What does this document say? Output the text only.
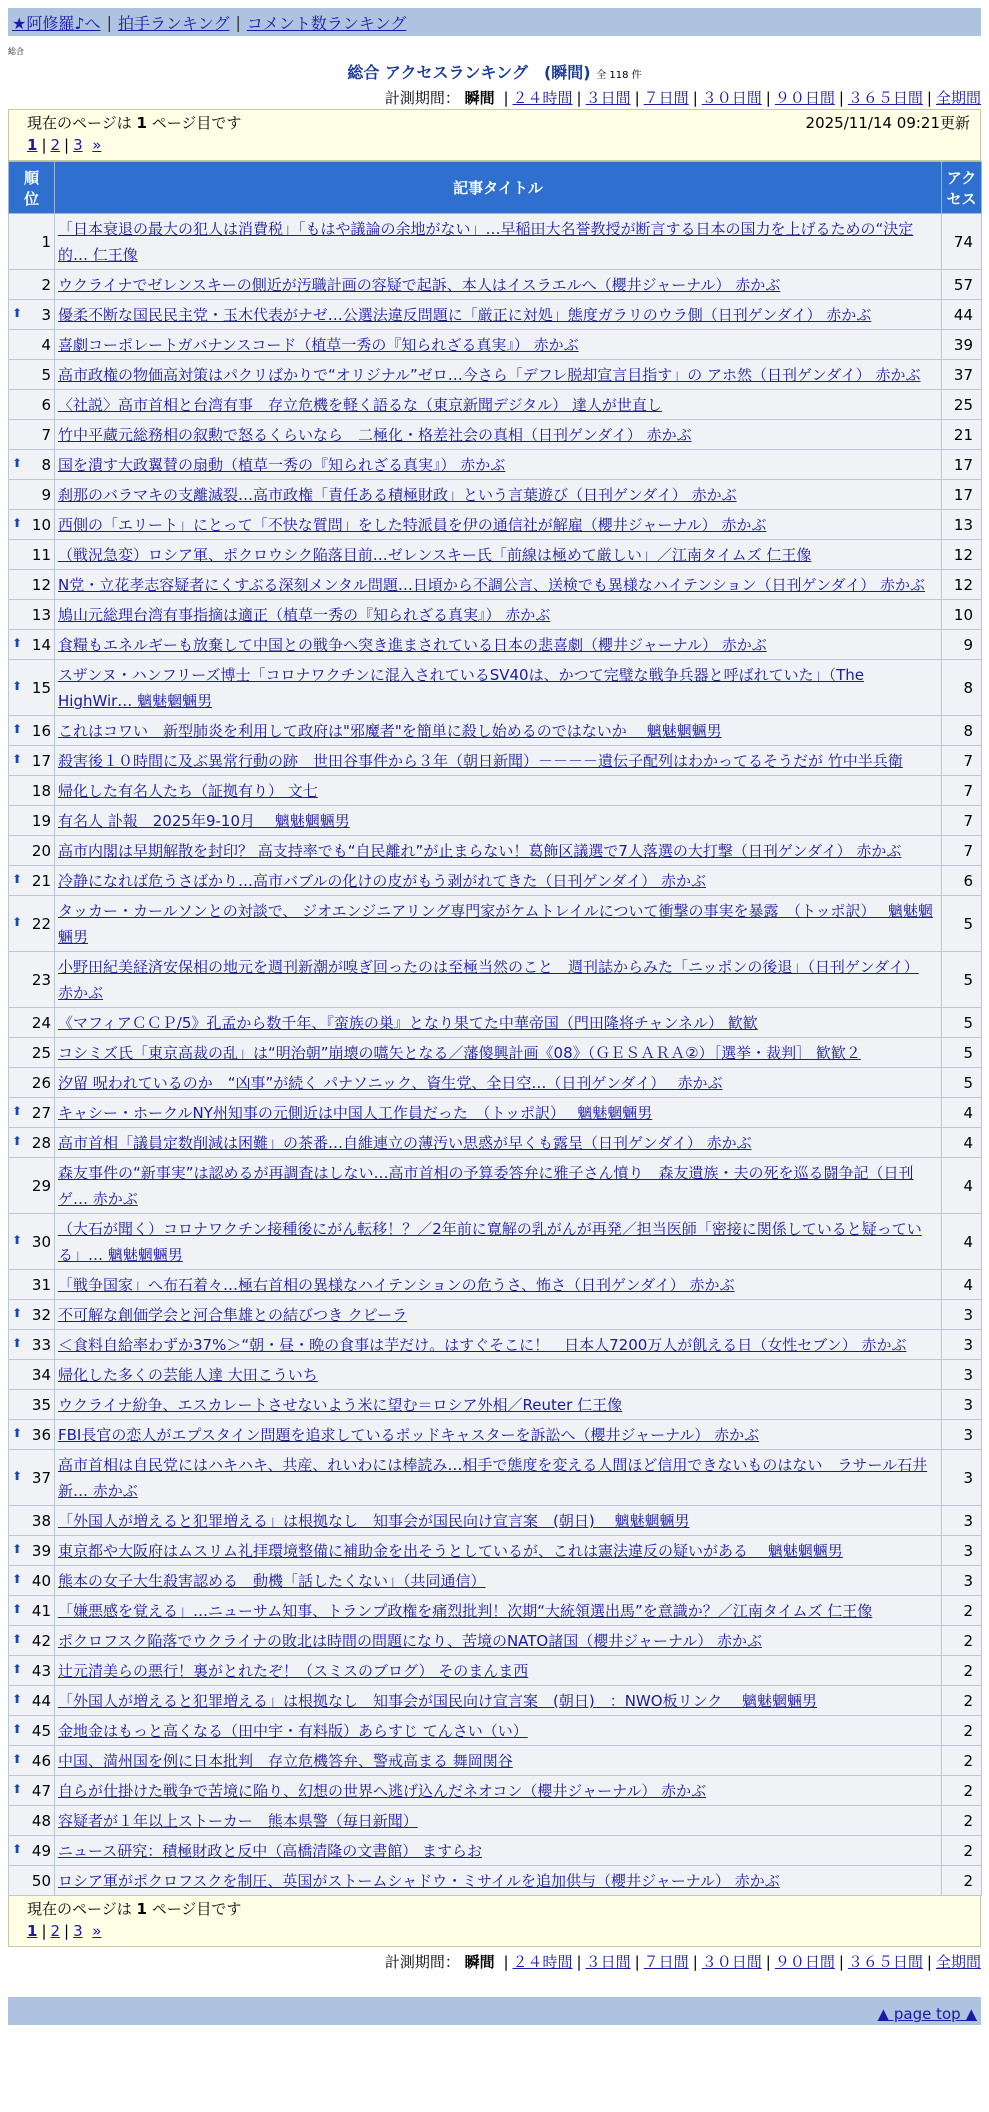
★阿修羅♪へ | 拍手ランキング | コメント数ランキング
総合
総合 アクセスランキング　(瞬間) 全 118 件
計測期間： 瞬間 | ２４時間 | ３日間 | ７日間 | ３０日間 | ９０日間 | ３６５日間 | 全期間
現在のページは 1 ページ目です	2025/11/14 09:21更新
1 | 2 | 3 »
順位	記事タイトル	アクセス
1	「日本衰退の最大の犯人は消費税」「もはや議論の余地がない」…早稲田大名誉教授が断言する日本の国力を上げるための“決定的… 仁王像	74
2	ウクライナでゼレンスキーの側近が汚職計画の容疑で起訴、本人はイスラエルへ（櫻井ジャーナル） 赤かぶ	57

⬆ 3	優柔不断な国民民主党・玉木代表がナゼ…公選法違反問題に「厳正に対処」態度ガラリのウラ側（日刊ゲンダイ） 赤かぶ	44
4	喜劇コーポレートガバナンスコード（植草一秀の『知られざる真実』） 赤かぶ	39
5	高市政権の物価高対策はパクリばかりで“オリジナル”ゼロ…今さら「デフレ脱却宣言目指す」の アホ然（日刊ゲンダイ） 赤かぶ	37
6	〈社説〉高市首相と台湾有事　存立危機を軽く語るな（東京新聞デジタル） 達人が世直し	25
7	竹中平蔵元総務相の叙勲で怒るくらいなら　二極化・格差社会の真相（日刊ゲンダイ） 赤かぶ	21

⬆ 8	国を潰す大政翼賛の扇動（植草一秀の『知られざる真実』） 赤かぶ	17
9	刹那のバラマキの支離滅裂…高市政権「責任ある積極財政」という言葉遊び（日刊ゲンダイ） 赤かぶ	17

⬆ 10	西側の「エリート」にとって「不快な質問」をした特派員を伊の通信社が解雇（櫻井ジャーナル） 赤かぶ	13
11	（戦況急変）ロシア軍、ポクロウシク陥落目前…ゼレンスキー氏「前線は極めて厳しい」／江南タイムズ 仁王像	12
12	N党・立花孝志容疑者にくすぶる深刻メンタル問題…日頃から不調公言、送検でも異様なハイテンション（日刊ゲンダイ） 赤かぶ	12
13	鳩山元総理台湾有事指摘は適正（植草一秀の『知られざる真実』） 赤かぶ	10

⬆ 14	食糧もエネルギーも放棄して中国との戦争へ突き進まされている日本の悲喜劇（櫻井ジャーナル） 赤かぶ	9

⬆ 15	スザンヌ・ハンフリーズ博士「コロナワクチンに混入されているSV40は、かつて完璧な戦争兵器と呼ばれていた」（The HighWir… 魑魅魍魎男	8

⬆ 16	これはコワい　新型肺炎を利用して政府は"邪魔者"を簡単に殺し始めるのではないか　 魑魅魍魎男	8

⬆ 17	殺害後１０時間に及ぶ異常行動の跡　世田谷事件から３年（朝日新聞）－－－－遺伝子配列はわかってるそうだが 竹中半兵衛	7
18	帰化した有名人たち（証拠有り） 文七	7
19	有名人 訃報　2025年9-10月　 魑魅魍魎男	7
20	高市内閣は早期解散を封印？ 高支持率でも“自民離れ”が止まらない！葛飾区議選で7人落選の大打撃（日刊ゲンダイ） 赤かぶ	7

⬆ 21	冷静になれば危うさばかり…高市バブルの化けの皮がもう剥がれてきた（日刊ゲンダイ） 赤かぶ	6

⬆ 22	タッカー・カールソンとの対談で、 ジオエンジニアリング専門家がケムトレイルについて衝撃の事実を暴露　（トッポ訳）　 魑魅魍魎男	5
23	小野田紀美経済安保相の地元を週刊新潮が嗅ぎ回ったのは至極当然のこと　週刊誌からみた「ニッポンの後退」（日刊ゲンダイ） 赤かぶ	5
24	《マフィアＣＣＰ/5》孔孟から数千年、『蛮族の巣』となり果てた中華帝国（門田隆将チャンネル） 歓歓	5
25	コシミズ氏「東京高裁の乱」は“明治朝”崩壊の嚆矢となる／藩傻興計画《08》（ＧＥＳＡＲＡ②）［選挙・裁判］ 歓歓２	5
26	汐留 呪われているのか　“凶事”が続く パナソニック、資生党、全日空…（日刊ゲンダイ）　 赤かぶ	5

⬆ 27	キャシー・ホークルNY州知事の元側近は中国人工作員だった　（トッポ訳）　 魑魅魍魎男	4

⬆ 28	高市首相「議員定数削減は困難」の茶番…自維連立の薄汚い思惑が早くも露呈（日刊ゲンダイ） 赤かぶ	4
29	森友事件の“新事実”は認めるが再調査はしない…高市首相の予算委答弁に雅子さん憤り　森友遺族・夫の死を巡る闘争記（日刊ゲ… 赤かぶ	4

⬆ 30	（大石が聞く）コロナワクチン接種後にがん転移！？／2年前に寛解の乳がんが再発／担当医師「密接に関係していると疑っている」… 魑魅魍魎男	4
31	「戦争国家」へ布石着々…極右首相の異様なハイテンションの危うさ、怖さ（日刊ゲンダイ） 赤かぶ	4

⬆ 32	不可解な創価学会と河合隼雄との結びつき クピーラ	3

⬆ 33	＜食料自給率わずか37%＞“朝・昼・晩の食事は芋だけ。はすぐそこに！　日本人7200万人が飢える日（女性セブン） 赤かぶ	3
34	帰化した多くの芸能人達 大田こういち	3
35	ウクライナ紛争、エスカレートさせないよう米に望む＝ロシア外相／Reuter 仁王像	3

⬆ 36	FBI長官の恋人がエプスタイン問題を追求しているポッドキャスターを訴訟へ（櫻井ジャーナル） 赤かぶ	3

⬆ 37	高市首相は自民党にはハキハキ、共産、れいわには棒読み…相手で態度を変える人間ほど信用できないものはない　ラサール石井 新… 赤かぶ	3
38	「外国人が増えると犯罪増える」は根拠なし　知事会が国民向け宣言案　(朝日)　 魑魅魍魎男	3

⬆ 39	東京都や大阪府はムスリム礼拝環境整備に補助金を出そうとしているが、これは憲法違反の疑いがある　 魑魅魍魎男	3

⬆ 40	熊本の女子大生殺害認める　動機「話したくない」（共同通信）	3

⬆ 41	「嫌悪感を覚える」…ニューサム知事、トランプ政権を痛烈批判！次期“大統領選出馬”を意識か？／江南タイムズ 仁王像	2

⬆ 42	ポクロフスク陥落でウクライナの敗北は時間の問題になり、苦境のNATO諸国（櫻井ジャーナル） 赤かぶ	2

⬆ 43	辻元清美らの悪行！裏がとれたぞ！（スミスのブログ） そのまんま西	2

⬆ 44	「外国人が増えると犯罪増える」は根拠なし　知事会が国民向け宣言案　(朝日)　：NWO板リンク　 魑魅魍魎男	2

⬆ 45	金地金はもっと高くなる（田中宇・有料版）あらすじ てんさい（い）	2

⬆ 46	中国、満州国を例に日本批判　存立危機答弁、警戒高まる 舞岡関谷	2

⬆ 47	自らが仕掛けた戦争で苦境に陥り、幻想の世界へ逃げ込んだネオコン（櫻井ジャーナル） 赤かぶ	2
48	容疑者が１年以上ストーカー　熊本県警（毎日新聞）	2

⬆ 49	ニュース研究：積極財政と反中（高橋清隆の文書館） ますらお	2
50	ロシア軍がポクロフスクを制圧、英国がストームシャドウ・ミサイルを追加供与（櫻井ジャーナル） 赤かぶ	2
現在のページは 1 ページ目です
1 | 2 | 3 »
計測期間： 瞬間 | ２４時間 | ３日間 | ７日間 | ３０日間 | ９０日間 | ３６５日間 | 全期間
▲ page top ▲
